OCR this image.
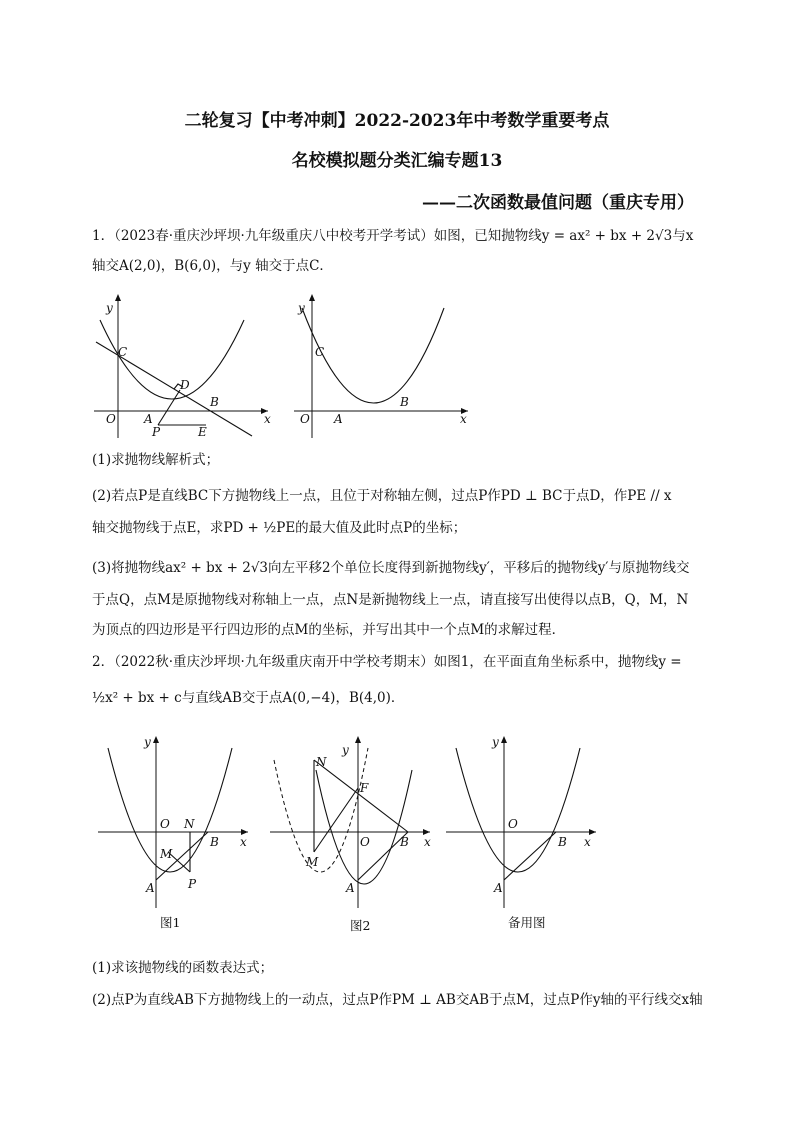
二轮复习【中考冲刺】2022-2023年中考数学重要考点
名校模拟题分类汇编专题13
——二次函数最值问题（重庆专用）
1．（2023春·重庆沙坪坝·九年级重庆八中校考开学考试）如图，已知抛物线y = ax² + bx + 2√3与x
轴交A(2,0)，B(6,0)，与y 轴交于点C．
y
x
O
C
A
B
D
P	E
y
x
O
C
A
B
(1)求抛物线解析式；
(2)若点P是直线BC下方抛物线上一点，且位于对称轴左侧，过点P作PD ⊥ BC于点D，作PE // x
轴交抛物线于点E，求PD + ½PE的最大值及此时点P的坐标；
(3)将抛物线ax² + bx + 2√3向左平移2个单位长度得到新抛物线y′，平移后的抛物线y′与原抛物线交
于点Q，点M是原抛物线对称轴上一点，点N是新抛物线上一点，请直接写出使得以点B，Q，M，N
为顶点的四边形是平行四边形的点M的坐标，并写出其中一个点M的求解过程．
2．（2022秋·重庆沙坪坝·九年级重庆南开中学校考期末）如图1，在平面直角坐标系中，抛物线y =
½x² + bx + c与直线AB交于点A(0,−4)，B(4,0)．
y
x
O N
B
M
P
A
图1
y
x
N
F
O	B
M
A
图2
y
x
O
B
A
备用图
(1)求该抛物线的函数表达式；
(2)点P为直线AB下方抛物线上的一动点，过点P作PM ⊥ AB交AB于点M，过点P作y轴的平行线交x轴
